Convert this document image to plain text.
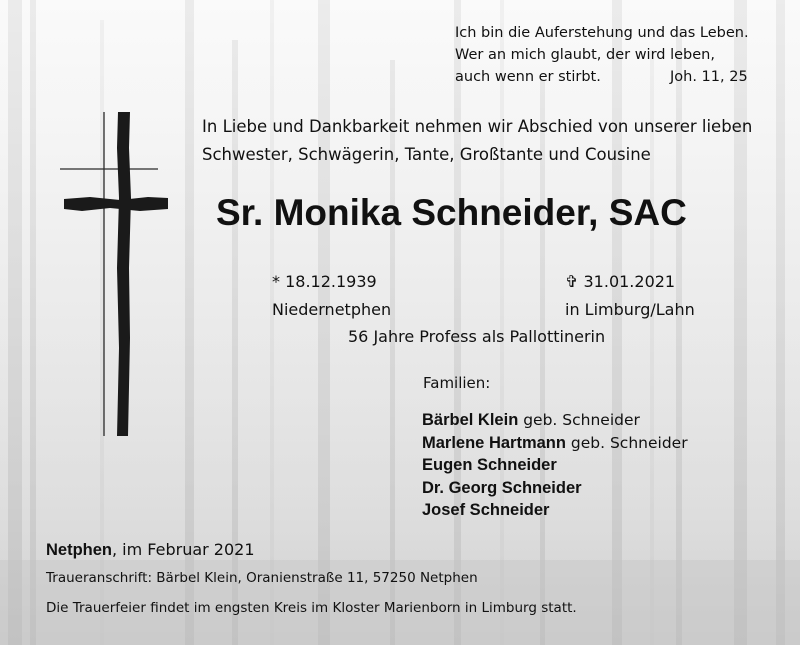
Ich bin die Auferstehung und das Leben.
Wer an mich glaubt, der wird leben,
auch wenn er stirbt.	Joh. 11, 25
In Liebe und Dankbarkeit nehmen wir Abschied von unserer lieben
Schwester, Schwägerin, Tante, Großtante und Cousine
Sr. Monika Schneider, SAC
* 18.12.1939
Niedernetphen
✞ 31.01.2021
in Limburg/Lahn
56 Jahre Profess als Pallottinerin
Familien:
Bärbel Klein geb. Schneider
Marlene Hartmann geb. Schneider
Eugen Schneider
Dr. Georg Schneider
Josef Schneider
Netphen, im Februar 2021
Traueranschrift: Bärbel Klein, Oranienstraße 11, 57250 Netphen
Die Trauerfeier findet im engsten Kreis im Kloster Marienborn in Limburg statt.
